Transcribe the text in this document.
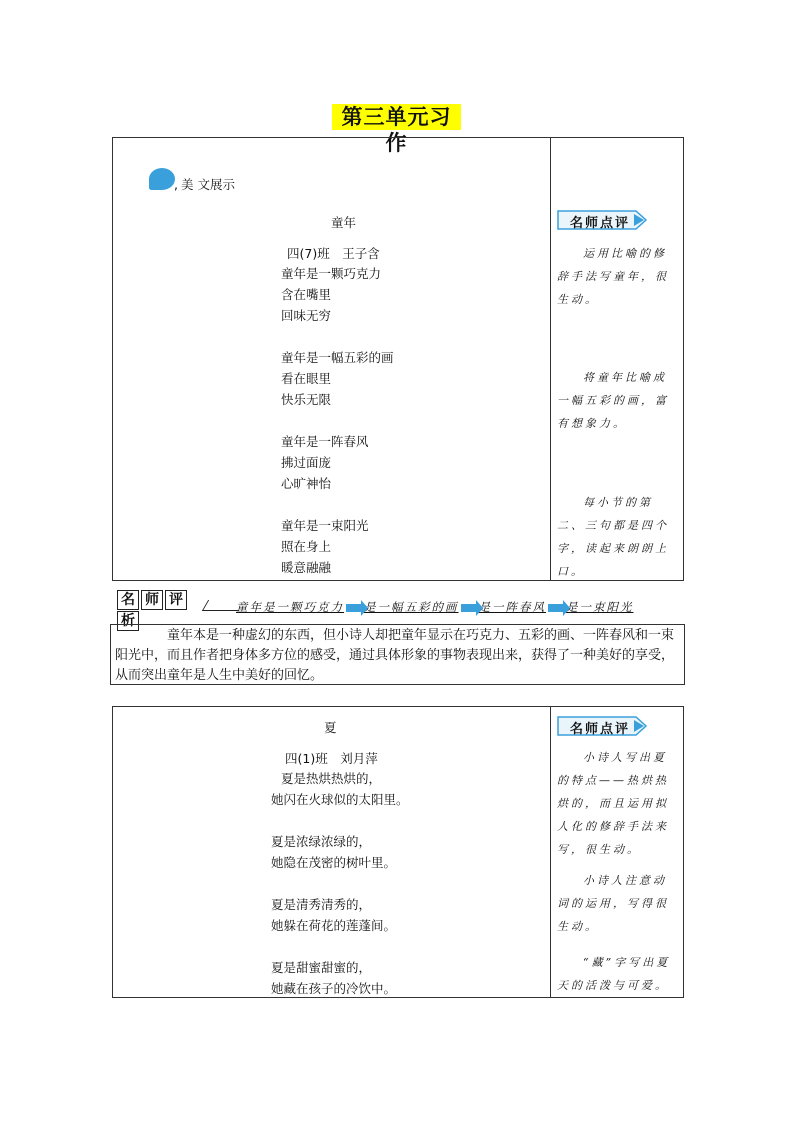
第三单元习作
, 美 文展示
童年
四(7)班　王子含
童年是一颗巧克力
含在嘴里
回味无穷
童年是一幅五彩的画
看在眼里
快乐无限
童年是一阵春风
拂过面庞
心旷神怡
童年是一束阳光
照在身上
暖意融融
名师点评
运用比喻的修辞手法写童年，很生动。
将童年比喻成一幅五彩的画，富有想象力。
每小节的第二、三句都是四个字，读起来朗朗上口。
名 师 评析
童年是一颗巧克力 是一幅五彩的画 是一阵春风 是一束阳光
童年本是一种虚幻的东西，但小诗人却把童年显示在巧克力、五彩的画、一阵春风和一束阳光中，而且作者把身体多方位的感受，通过具体形象的事物表现出来，获得了一种美好的享受，从而突出童年是人生中美好的回忆。
夏
四(1)班　刘月萍
夏是热烘热烘的，
她闪在火球似的太阳里。
夏是浓绿浓绿的，
她隐在茂密的树叶里。
夏是清秀清秀的，
她躲在荷花的莲蓬间。
夏是甜蜜甜蜜的，
她藏在孩子的冷饮中。
名师点评
小诗人写出夏的特点——热烘热烘的，而且运用拟人化的修辞手法来写，很生动。
小诗人注意动词的运用，写得很生动。
“藏”字写出夏天的活泼与可爱。
